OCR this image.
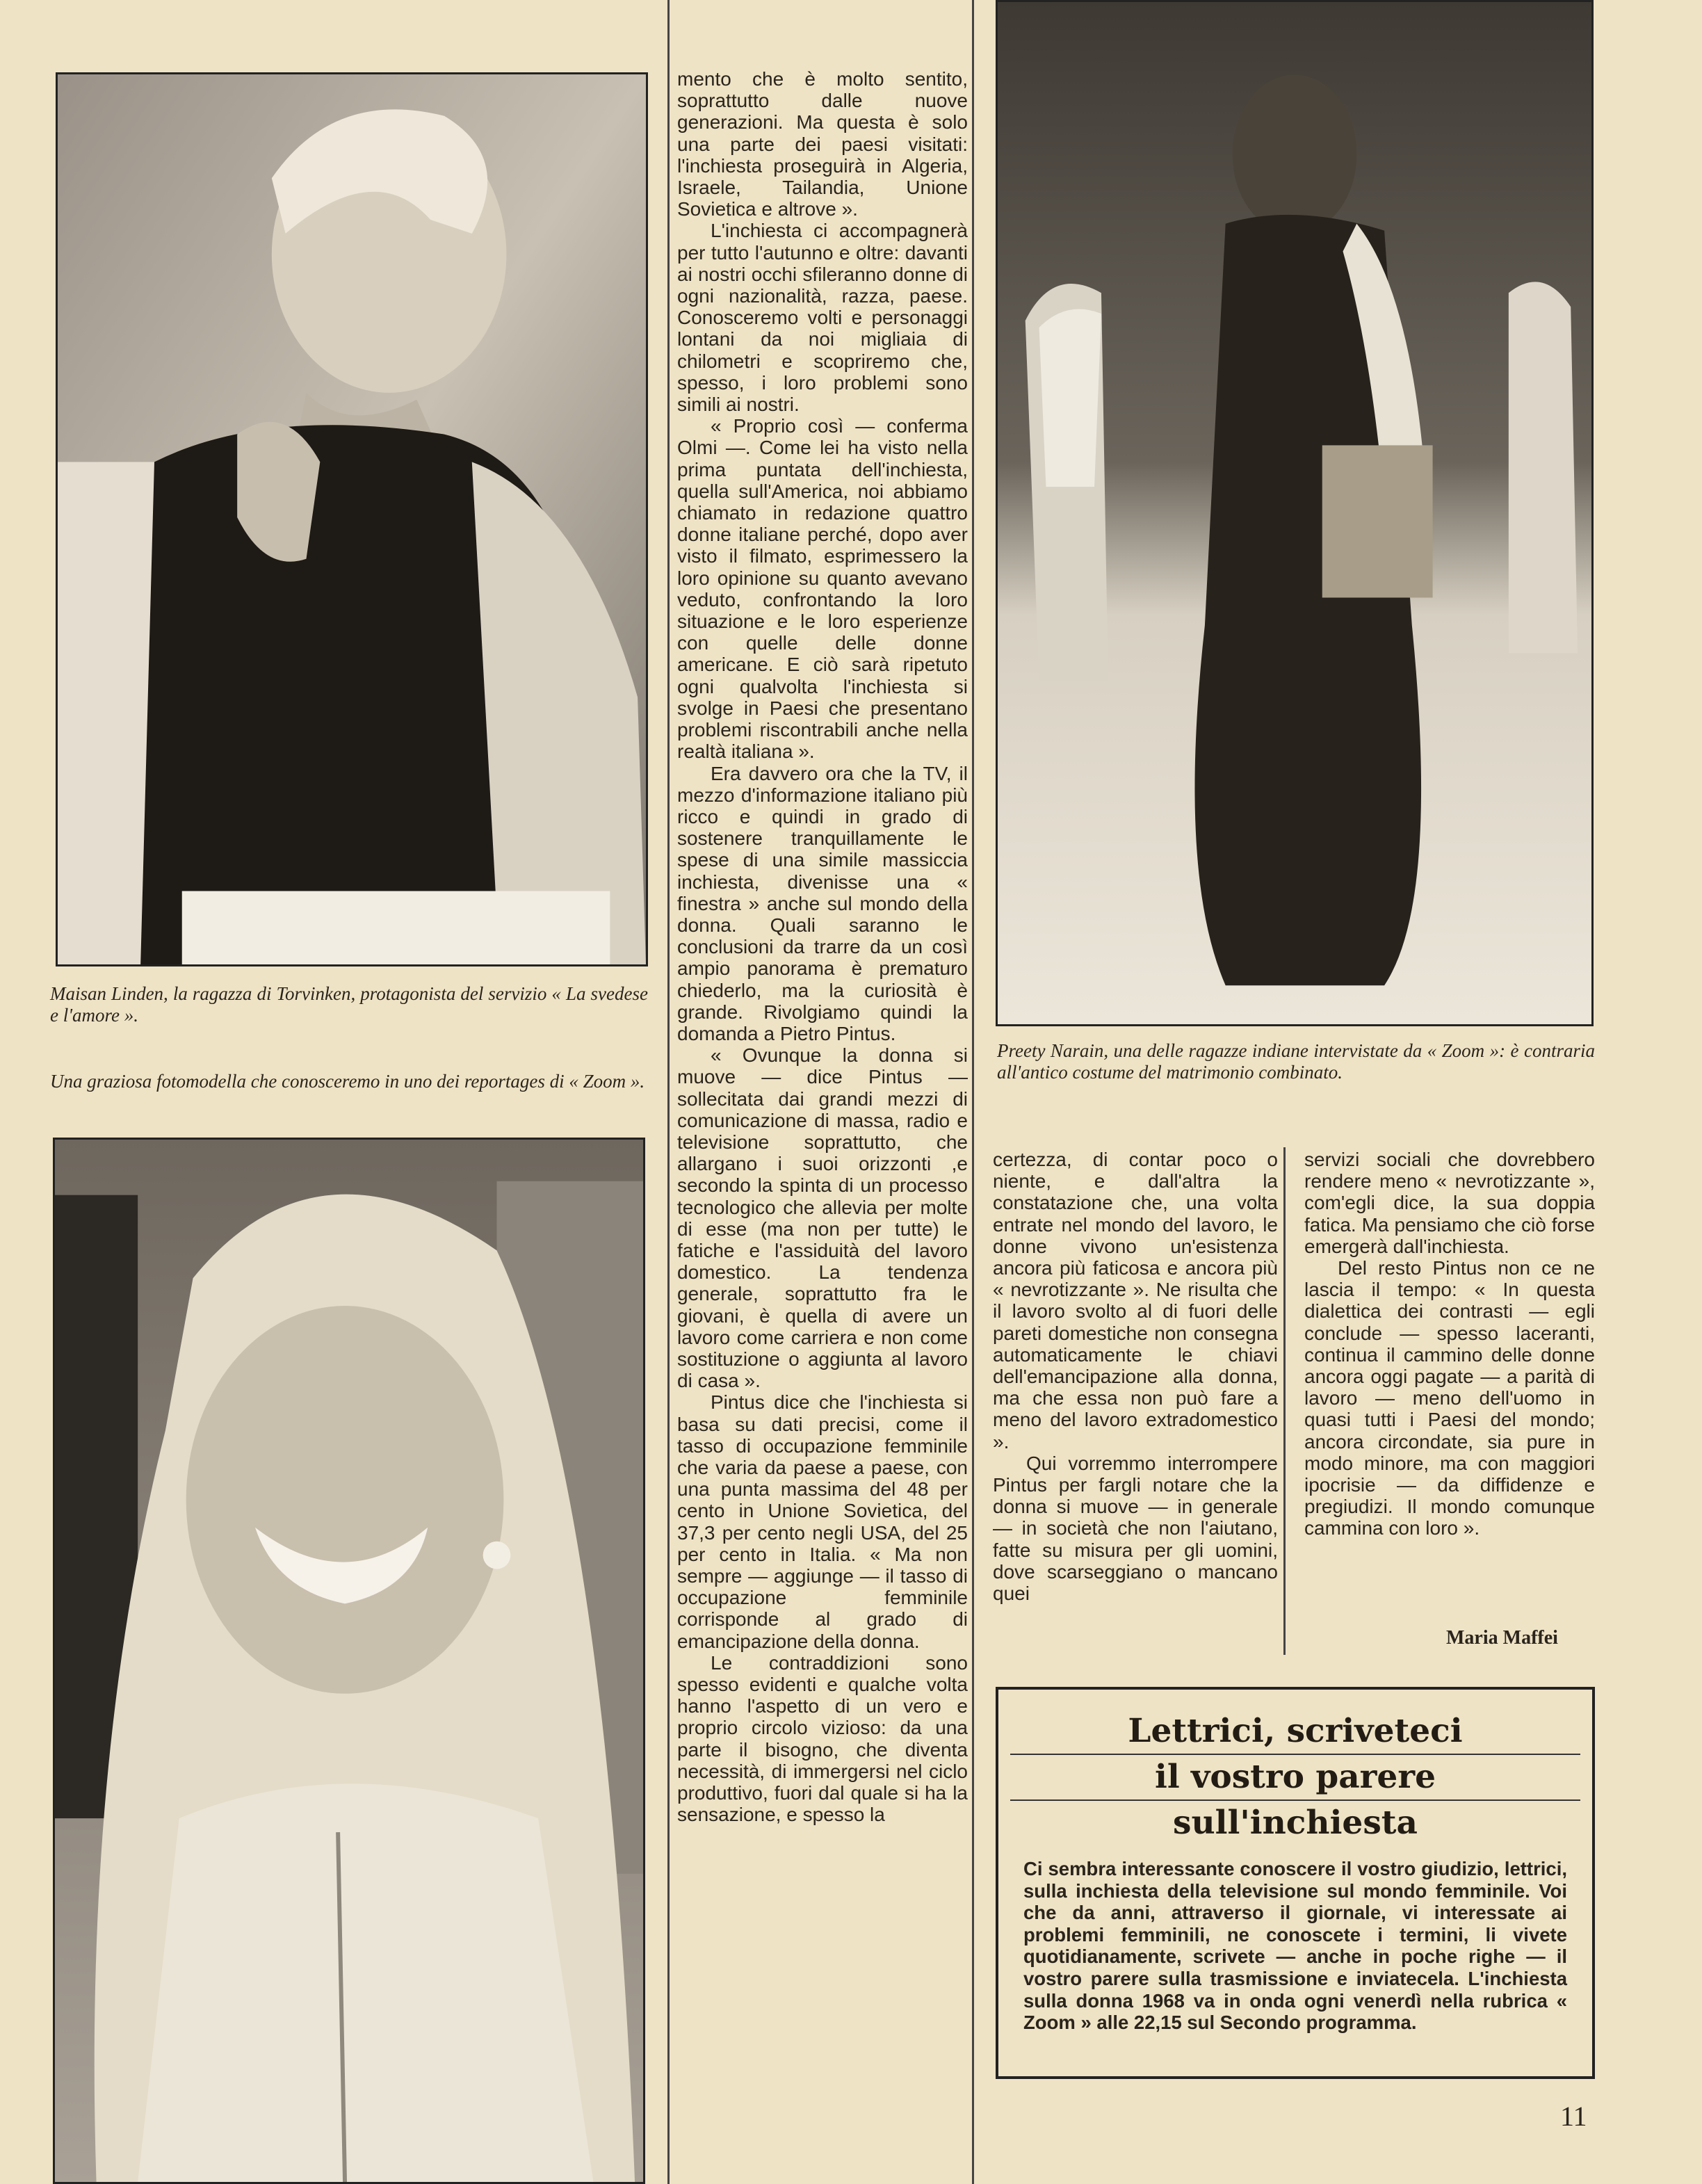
Maisan Linden, la ragazza di Torvinken, protagonista del servizio « La svedese e l'amore ».
Una graziosa fotomodella che conosceremo in uno dei reportages di « Zoom ».
Preety Narain, una delle ragazze indiane intervistate da « Zoom »: è contraria all'antico costume del matrimonio combinato.

mento che è molto sentito, soprattutto dalle nuove generazioni. Ma questa è solo una parte dei paesi visitati: l'inchiesta proseguirà in Algeria, Israele, Tailandia, Unione Sovietica e altrove ».

L'inchiesta ci accompagnerà per tutto l'autunno e oltre: davanti ai nostri occhi sfileranno donne di ogni nazionalità, razza, paese. Conosceremo volti e personaggi lontani da noi migliaia di chilometri e scopriremo che, spesso, i loro problemi sono simili ai nostri.

« Proprio così — conferma Olmi —. Come lei ha visto nella prima puntata dell'inchiesta, quella sull'America, noi abbiamo chiamato in redazione quattro donne italiane perché, dopo aver visto il filmato, esprimessero la loro opinione su quanto avevano veduto, confrontando la loro situazione e le loro esperienze con quelle delle donne americane. E ciò sarà ripetuto ogni qualvolta l'inchiesta si svolge in Paesi che presentano problemi riscontrabili anche nella realtà italiana ».

Era davvero ora che la TV, il mezzo d'informazione italiano più ricco e quindi in grado di sostenere tranquillamente le spese di una simile massiccia inchiesta, divenisse una « finestra » anche sul mondo della donna. Quali saranno le conclusioni da trarre da un così ampio panorama è prematuro chiederlo, ma la curiosità è grande. Rivolgiamo quindi la domanda a Pietro Pintus.

« Ovunque la donna si muove — dice Pintus — sollecitata dai grandi mezzi di comunicazione di massa, radio e televisione soprattutto, che allargano i suoi orizzonti ,e secondo la spinta di un processo tecnologico che allevia per molte di esse (ma non per tutte) le fatiche e l'assiduità del lavoro domestico. La tendenza generale, soprattutto fra le giovani, è quella di avere un lavoro come carriera e non come sostituzione o aggiunta al lavoro di casa ».

Pintus dice che l'inchiesta si basa su dati precisi, come il tasso di occupazione femminile che varia da paese a paese, con una punta massima del 48 per cento in Unione Sovietica, del 37,3 per cento negli USA, del 25 per cento in Italia. « Ma non sempre — aggiunge — il tasso di occupazione femminile corrisponde al grado di emancipazione della donna.

Le contraddizioni sono spesso evidenti e qualche volta hanno l'aspetto di un vero e proprio circolo vizioso: da una parte il bisogno, che diventa necessità, di immergersi nel ciclo produttivo, fuori dal quale si ha la sensazione, e spesso la

certezza, di contar poco o niente, e dall'altra la constatazione che, una volta entrate nel mondo del lavoro, le donne vivono un'esistenza ancora più faticosa e ancora più « nevrotizzante ». Ne risulta che il lavoro svolto al di fuori delle pareti domestiche non consegna automaticamente le chiavi dell'emancipazione alla donna, ma che essa non può fare a meno del lavoro extradomestico ».

Qui vorremmo interrompere Pintus per fargli notare che la donna si muove — in generale — in società che non l'aiutano, fatte su misura per gli uomini, dove scarseggiano o mancano quei

servizi sociali che dovrebbero rendere meno « nevrotizzante », com'egli dice, la sua doppia fatica. Ma pensiamo che ciò forse emergerà dall'inchiesta.

Del resto Pintus non ce ne lascia il tempo: « In questa dialettica dei contrasti — egli conclude — spesso laceranti, continua il cammino delle donne ancora oggi pagate — a parità di lavoro — meno dell'uomo in quasi tutti i Paesi del mondo; ancora circondate, sia pure in modo minore, ma con maggiori ipocrisie — da diffidenze e pregiudizi. Il mondo comunque cammina con loro ».

Maria Maffei
Lettrici, scriveteci
il vostro parere
sull'inchiesta
Ci sembra interessante conoscere il vostro giudizio, lettrici, sulla inchiesta della televisione sul mondo femminile. Voi che da anni, attraverso il giornale, vi interessate ai problemi femminili, ne conoscete i termini, li vivete quotidianamente, scrivete — anche in poche righe — il vostro parere sulla trasmissione e inviatecela. L'inchiesta sulla donna 1968 va in onda ogni venerdì nella rubrica « Zoom » alle 22,15 sul Secondo programma.
11
